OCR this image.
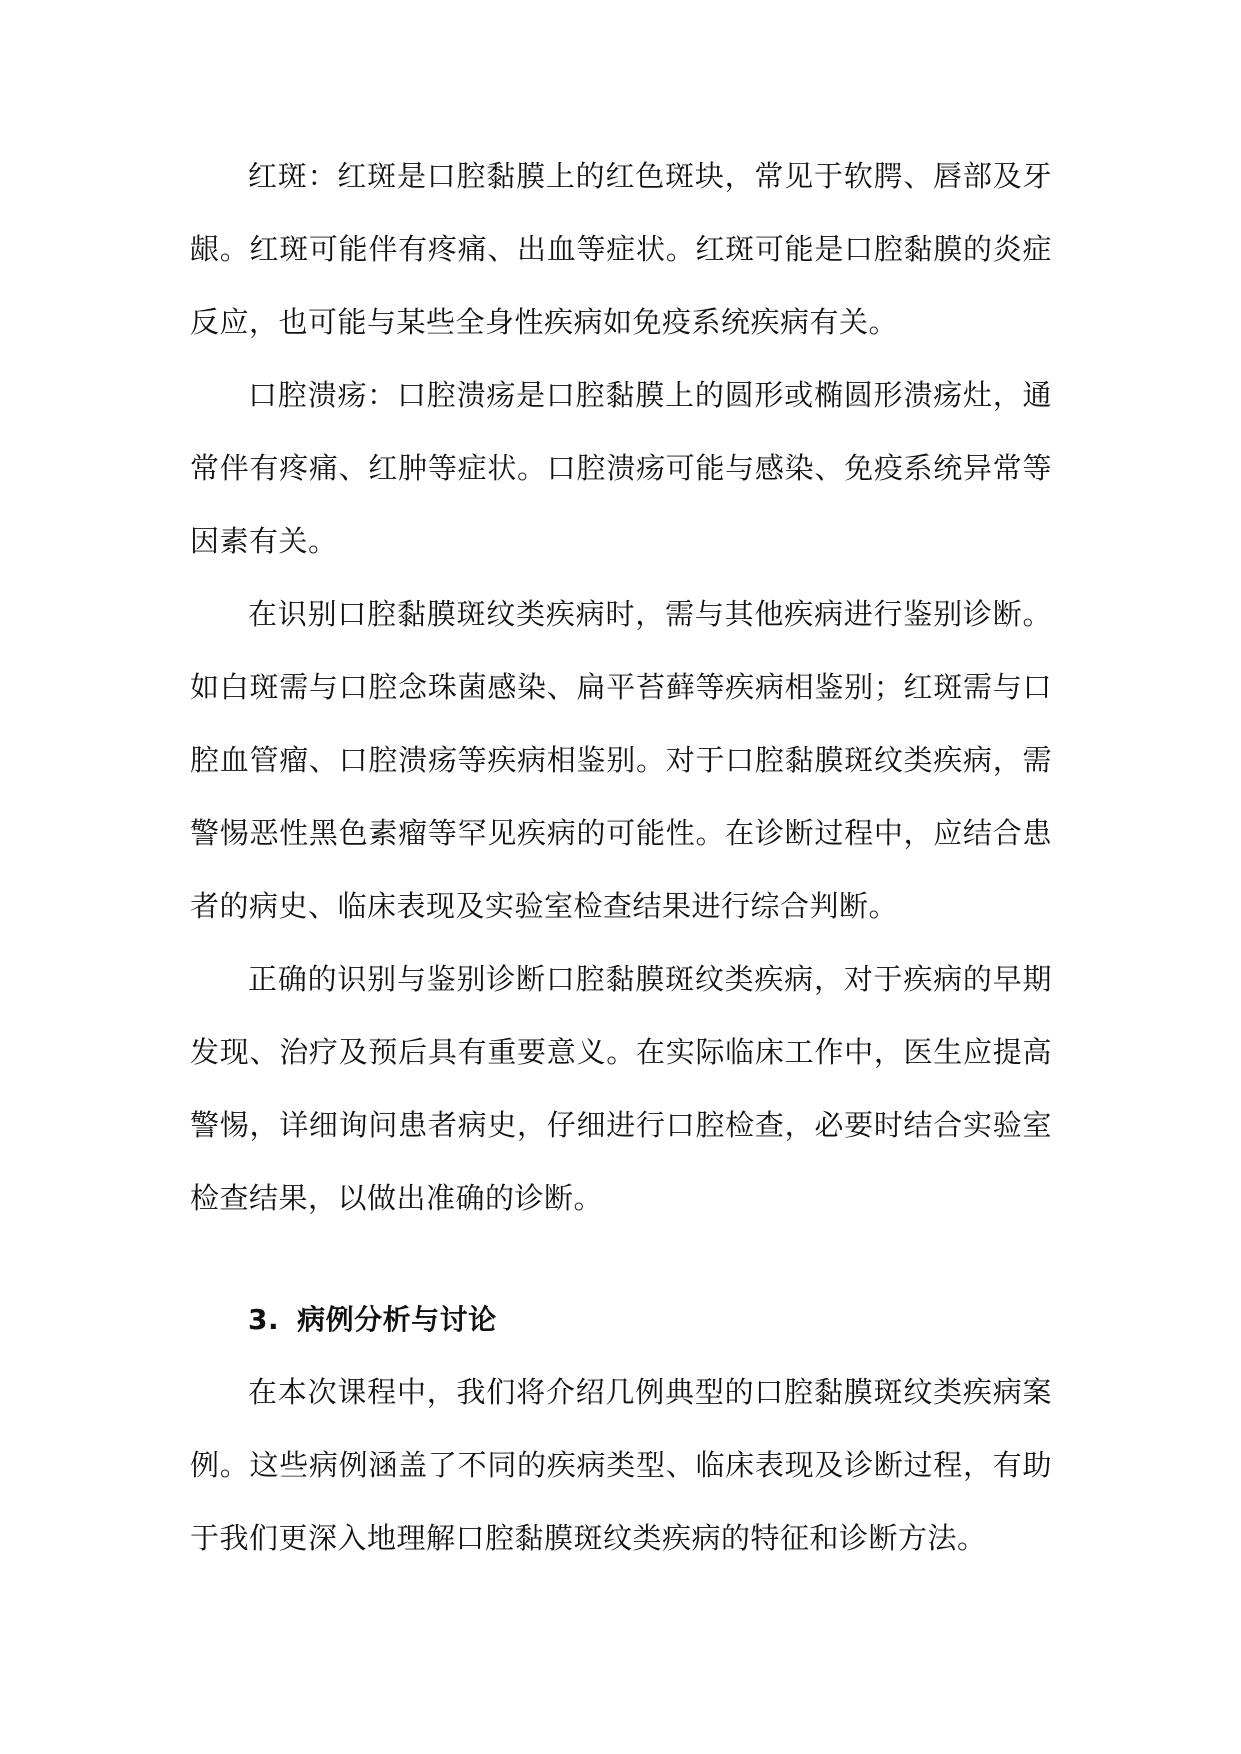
红斑：红斑是口腔黏膜上的红色斑块，常见于软腭、唇部及牙龈。红斑可能伴有疼痛、出血等症状。红斑可能是口腔黏膜的炎症反应，也可能与某些全身性疾病如免疫系统疾病有关。

口腔溃疡：口腔溃疡是口腔黏膜上的圆形或椭圆形溃疡灶，通常伴有疼痛、红肿等症状。口腔溃疡可能与感染、免疫系统异常等因素有关。

在识别口腔黏膜斑纹类疾病时，需与其他疾病进行鉴别诊断。如白斑需与口腔念珠菌感染、扁平苔藓等疾病相鉴别；红斑需与口腔血管瘤、口腔溃疡等疾病相鉴别。对于口腔黏膜斑纹类疾病，需警惕恶性黑色素瘤等罕见疾病的可能性。在诊断过程中，应结合患者的病史、临床表现及实验室检查结果进行综合判断。

正确的识别与鉴别诊断口腔黏膜斑纹类疾病，对于疾病的早期发现、治疗及预后具有重要意义。在实际临床工作中，医生应提高警惕，详细询问患者病史，仔细进行口腔检查，必要时结合实验室检查结果，以做出准确的诊断。

3. 病例分析与讨论

在本次课程中，我们将介绍几例典型的口腔黏膜斑纹类疾病案例。这些病例涵盖了不同的疾病类型、临床表现及诊断过程，有助于我们更深入地理解口腔黏膜斑纹类疾病的特征和诊断方法。
